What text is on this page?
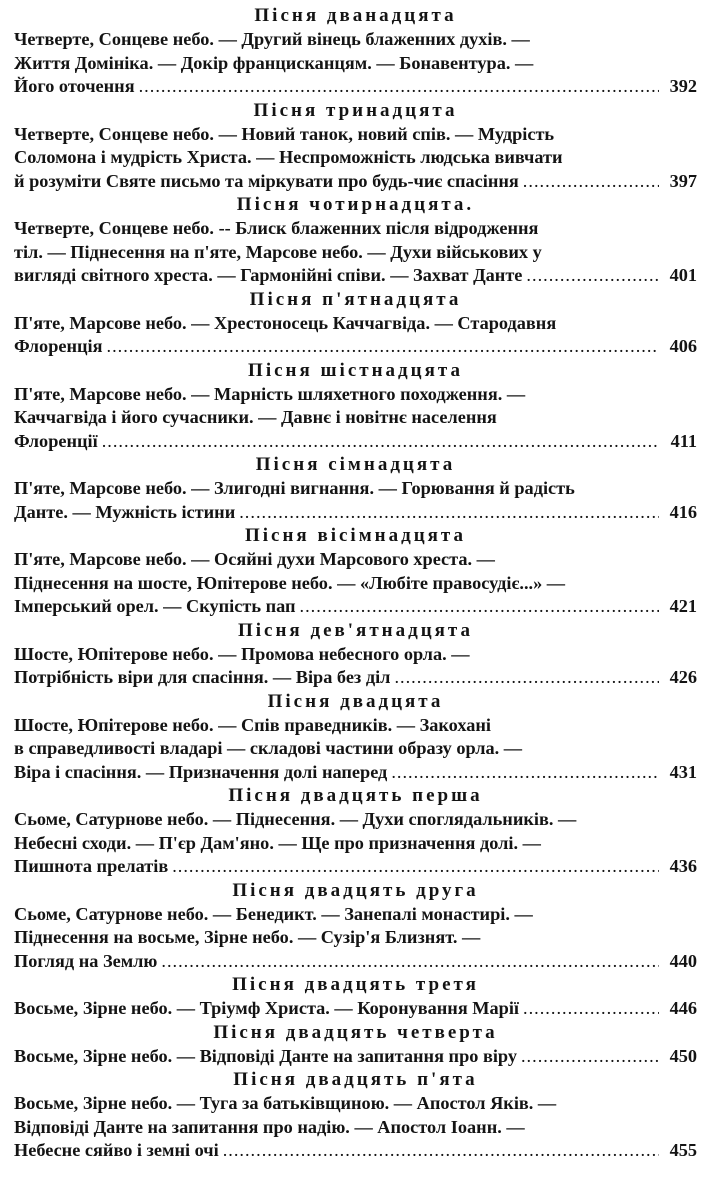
Пісня дванадцята
Четверте, Сонцеве небо. — Другий вінець блаженних духів. —
Життя Домініка. — Докір францисканцям. — Бонавентура. —
Його оточення .....	392
Пісня тринадцята
Четверте, Сонцеве небо. — Новий танок, новий спів. — Мудрість
Соломона і мудрість Христа. — Неспроможність людська вивчати
й розуміти Святе письмо та міркувати про будь-чиє спасіння .....	397
Пісня чотирнадцята.
Четверте, Сонцеве небо. -- Блиск блаженних після відродження
тіл. — Піднесення на п'яте, Марсове небо. — Духи військових у
вигляді світного хреста. — Гармонійні співи. — Захват Данте .....	401
Пісня п'ятнадцята
П'яте, Марсове небо. — Хрестоносець Каччагвіда. — Стародавня
Флоренція .....	406
Пісня шістнадцята
П'яте, Марсове небо. — Марність шляхетного походження. —
Каччагвіда і його сучасники. — Давнє і новітнє населення
Флоренції .....	411
Пісня сімнадцята
П'яте, Марсове небо. — Злигодні вигнання. — Горювання й радість
Данте. — Мужність істини .....	416
Пісня вісімнадцята
П'яте, Марсове небо. — Осяйні духи Марсового хреста. —
Піднесення на шосте, Юпітерове небо. — «Любіте правосудіє...» —
Імперський орел. — Скупість пап .....	421
Пісня дев'ятнадцята
Шосте, Юпітерове небо. — Промова небесного орла. —
Потрібність віри для спасіння. — Віра без діл .....	426
Пісня двадцята
Шосте, Юпітерове небо. — Спів праведників. — Закохані
в справедливості владарі — складові частини образу орла. —
Віра і спасіння. — Призначення долі наперед .....	431
Пісня двадцять перша
Сьоме, Сатурнове небо. — Піднесення. — Духи споглядальників. —
Небесні сходи. — П'єр Дам'яно. — Ще про призначення долі. —
Пишнота прелатів .....	436
Пісня двадцять друга
Сьоме, Сатурнове небо. — Бенедикт. — Занепалі монастирі. —
Піднесення на восьме, Зірне небо. — Сузір'я Близнят. —
Погляд на Землю .....	440
Пісня двадцять третя
Восьме, Зірне небо. — Тріумф Христа. — Коронування Марії .....	446
Пісня двадцять четверта
Восьме, Зірне небо. — Відповіді Данте на запитання про віру .....	450
Пісня двадцять п'ята
Восьме, Зірне небо. — Туга за батьківщиною. — Апостол Яків. —
Відповіді Данте на запитання про надію. — Апостол Іоанн. —
Небесне сяйво і земні очі .....	455
